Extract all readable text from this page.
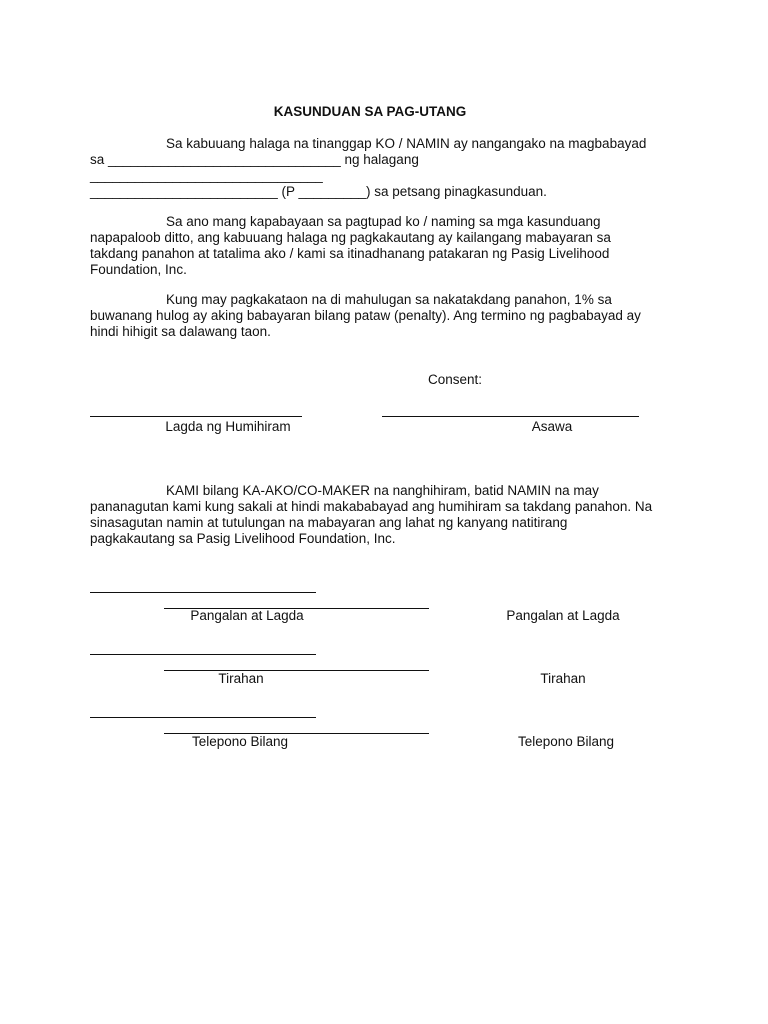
KASUNDUAN SA PAG-UTANG
Sa kabuuang halaga na tinanggap KO / NAMIN ay nangangako na magbabayad
sa _______________________________ ng halagang
_______________________________
_________________________ (P _________) sa petsang pinagkasunduan.
Sa ano mang kapabayaan sa pagtupad ko / naming sa mga kasunduang
napapaloob ditto, ang kabuuang halaga ng pagkakautang ay kailangang mabayaran sa
takdang panahon at tatalima ako / kami sa itinadhanang patakaran ng Pasig Livelihood
Foundation, Inc.
Kung may pagkakataon na di mahulugan sa nakatakdang panahon, 1% sa
buwanang hulog ay aking babayaran bilang pataw (penalty). Ang termino ng pagbabayad ay
hindi hihigit sa dalawang taon.
Consent:
Lagda ng Humihiram	Asawa
KAMI bilang KA-AKO/CO-MAKER na nanghihiram, batid NAMIN na may
pananagutan kami kung sakali at hindi makababayad ang humihiram sa takdang panahon. Na
sinasagutan namin at tutulungan na mabayaran ang lahat ng kanyang natitirang
pagkakautang sa Pasig Livelihood Foundation, Inc.
Pangalan at Lagda	Pangalan at Lagda
Tirahan	Tirahan
Telepono Bilang	Telepono Bilang
